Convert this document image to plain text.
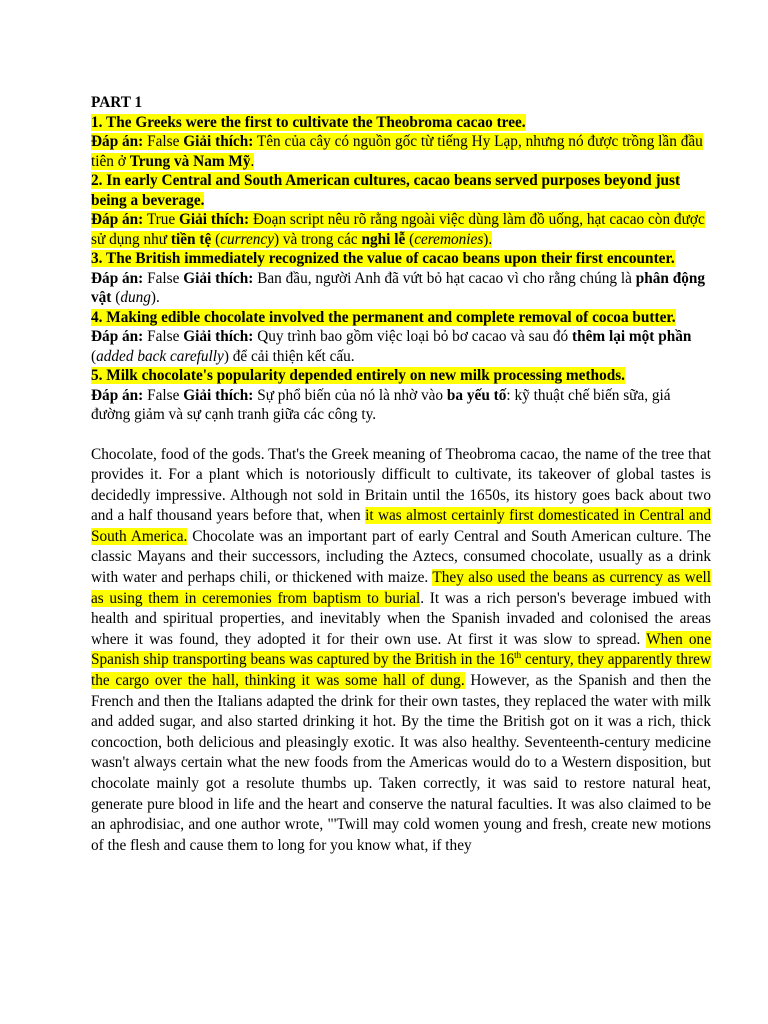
PART 1
1. The Greeks were the first to cultivate the Theobroma cacao tree.
Đáp án: False Giải thích: Tên của cây có nguồn gốc từ tiếng Hy Lạp, nhưng nó được trồng lần đầu tiên ở Trung và Nam Mỹ.
2. In early Central and South American cultures, cacao beans served purposes beyond just being a beverage.
Đáp án: True Giải thích: Đoạn script nêu rõ rằng ngoài việc dùng làm đồ uống, hạt cacao còn được sử dụng như tiền tệ (currency) và trong các nghi lễ (ceremonies).
3. The British immediately recognized the value of cacao beans upon their first encounter.
Đáp án: False Giải thích: Ban đầu, người Anh đã vứt bỏ hạt cacao vì cho rằng chúng là phân động vật (dung).
4. Making edible chocolate involved the permanent and complete removal of cocoa butter.
Đáp án: False Giải thích: Quy trình bao gồm việc loại bỏ bơ cacao và sau đó thêm lại một phần (added back carefully) để cải thiện kết cấu.
5. Milk chocolate's popularity depended entirely on new milk processing methods.
Đáp án: False Giải thích: Sự phổ biến của nó là nhờ vào ba yếu tố: kỹ thuật chế biến sữa, giá đường giảm và sự cạnh tranh giữa các công ty.
Chocolate, food of the gods. That's the Greek meaning of Theobroma cacao, the name of the tree that provides it. For a plant which is notoriously difficult to cultivate, its takeover of global tastes is decidedly impressive. Although not sold in Britain until the 1650s, its history goes back about two and a half thousand years before that, when it was almost certainly first domesticated in Central and South America. Chocolate was an important part of early Central and South American culture. The classic Mayans and their successors, including the Aztecs, consumed chocolate, usually as a drink with water and perhaps chili, or thickened with maize. They also used the beans as currency as well as using them in ceremonies from baptism to burial. It was a rich person's beverage imbued with health and spiritual properties, and inevitably when the Spanish invaded and colonised the areas where it was found, they adopted it for their own use. At first it was slow to spread. When one Spanish ship transporting beans was captured by the British in the 16th century, they apparently threw the cargo over the hall, thinking it was some hall of dung. However, as the Spanish and then the French and then the Italians adapted the drink for their own tastes, they replaced the water with milk and added sugar, and also started drinking it hot. By the time the British got on it was a rich, thick concoction, both delicious and pleasingly exotic. It was also healthy. Seventeenth-century medicine wasn't always certain what the new foods from the Americas would do to a Western disposition, but chocolate mainly got a resolute thumbs up. Taken correctly, it was said to restore natural heat, generate pure blood in life and the heart and conserve the natural faculties. It was also claimed to be an aphrodisiac, and one author wrote, "'Twill may cold women young and fresh, create new motions of the flesh and cause them to long for you know what, if they
